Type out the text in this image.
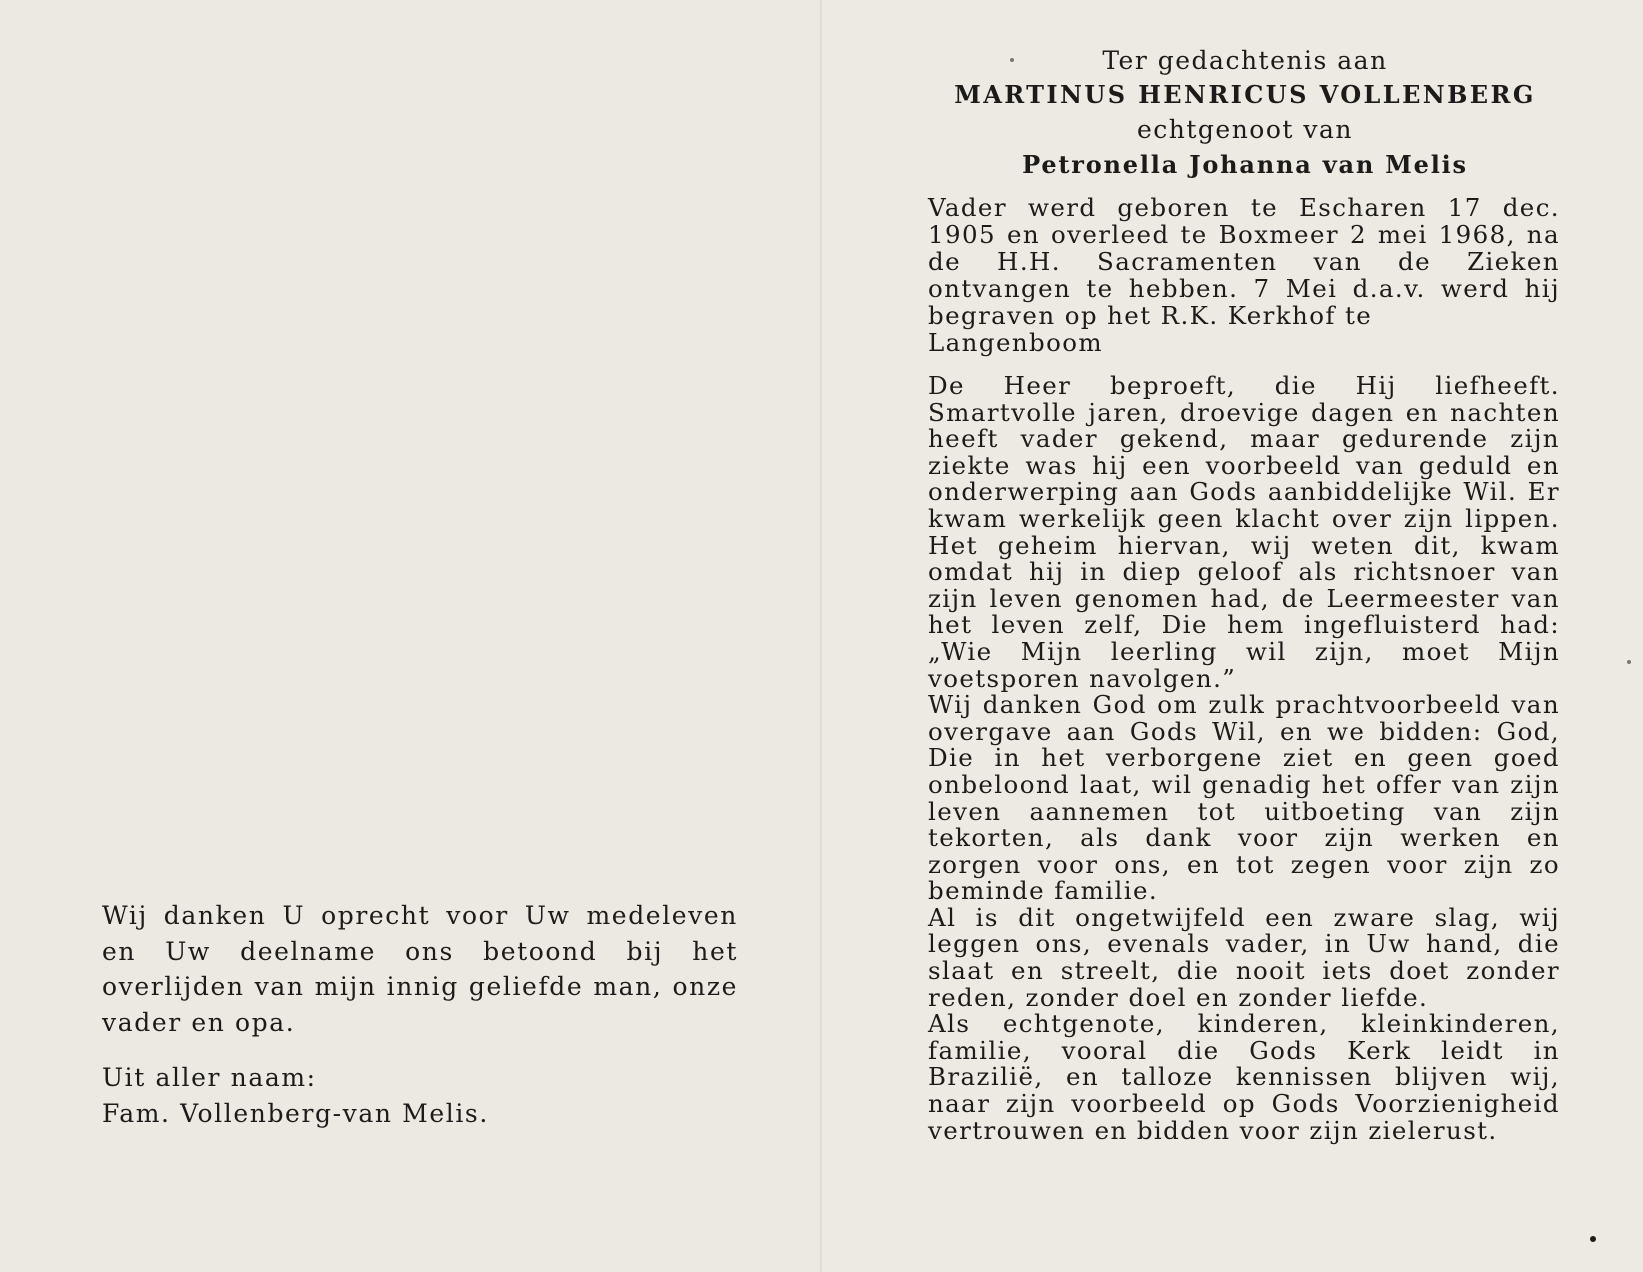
Wij danken U oprecht voor Uw medeleven en Uw deelname ons betoond bij het overlijden van mijn innig geliefde man, onze vader en opa.

Uit aller naam:
Fam. Vollenberg-van Melis.
Ter gedachtenis aan
MARTINUS HENRICUS VOLLENBERG
echtgenoot van
Petronella Johanna van Melis
Vader werd geboren te Escharen 17 dec. 1905 en overleed te Boxmeer 2 mei 1968, na de H.H. Sacramenten van de Zieken ontvangen te hebben. 7 Mei d.a.v. werd hij begraven op het R.K. Kerkhof te
Langenboom

De Heer beproeft, die Hij liefheeft. Smartvolle jaren, droevige dagen en nachten heeft vader gekend, maar gedurende zijn ziekte was hij een voorbeeld van geduld en onderwerping aan Gods aanbiddelijke Wil. Er kwam werkelijk geen klacht over zijn lippen. Het geheim hiervan, wij weten dit, kwam omdat hij in diep geloof als richtsnoer van zijn leven genomen had, de Leermeester van het leven zelf, Die hem ingefluisterd had: „Wie Mijn leerling wil zijn, moet Mijn voetsporen navolgen.”

Wij danken God om zulk prachtvoorbeeld van overgave aan Gods Wil, en we bidden: God, Die in het verborgene ziet en geen goed onbeloond laat, wil genadig het offer van zijn leven aannemen tot uitboeting van zijn tekorten, als dank voor zijn werken en zorgen voor ons, en tot zegen voor zijn zo beminde familie.

Al is dit ongetwijfeld een zware slag, wij leggen ons, evenals vader, in Uw hand, die slaat en streelt, die nooit iets doet zonder reden, zonder doel en zonder liefde.

Als echtgenote, kinderen, kleinkinderen, familie, vooral die Gods Kerk leidt in Brazilië, en talloze kennissen blijven wij, naar zijn voorbeeld op Gods Voorzienigheid vertrouwen en bidden voor zijn zielerust.
